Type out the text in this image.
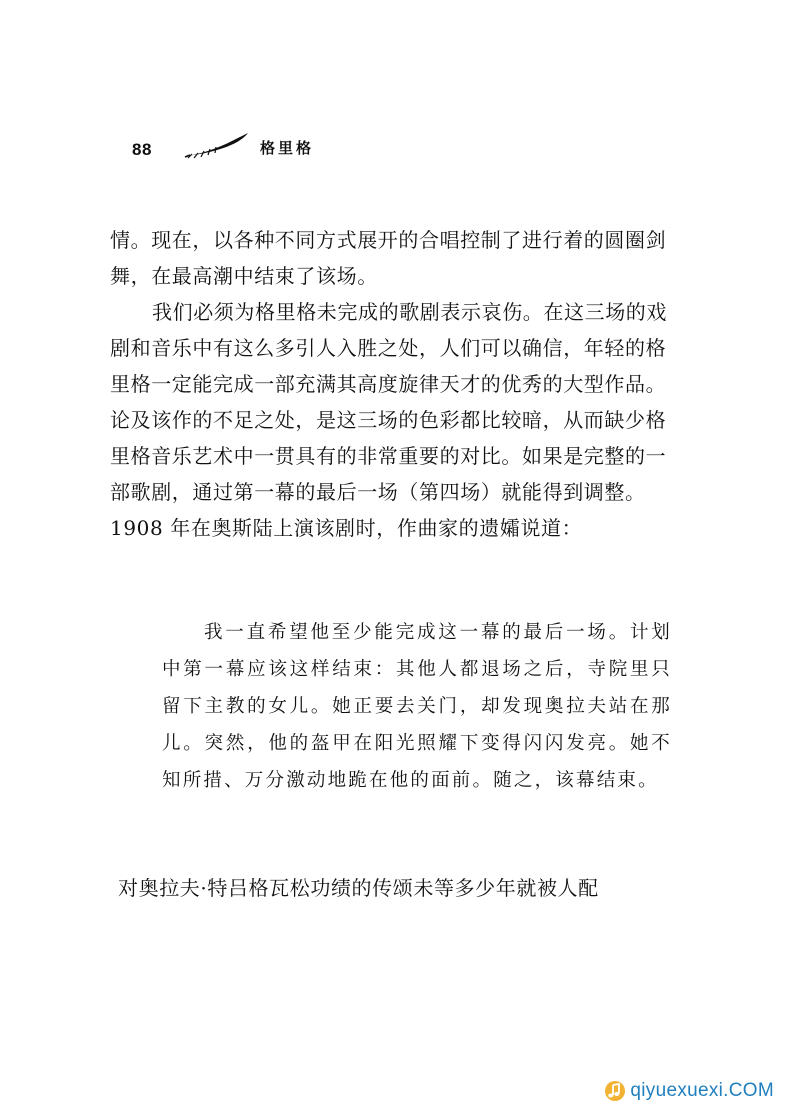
88	格里格

情。现在，以各种不同方式展开的合唱控制了进行着的圆圈剑舞，在最高潮中结束了该场。

我们必须为格里格未完成的歌剧表示哀伤。在这三场的戏剧和音乐中有这么多引人入胜之处，人们可以确信，年轻的格里格一定能完成一部充满其高度旋律天才的优秀的大型作品。论及该作的不足之处，是这三场的色彩都比较暗，从而缺少格里格音乐艺术中一贯具有的非常重要的对比。如果是完整的一部歌剧，通过第一幕的最后一场（第四场）就能得到调整。1908 年在奥斯陆上演该剧时，作曲家的遗孀说道：

我一直希望他至少能完成这一幕的最后一场。计划中第一幕应该这样结束：其他人都退场之后，寺院里只留下主教的女儿。她正要去关门，却发现奥拉夫站在那儿。突然，他的盔甲在阳光照耀下变得闪闪发亮。她不知所措、万分激动地跪在他的面前。随之，该幕结束。

对奥拉夫·特吕格瓦松功绩的传颂未等多少年就被人配

qiyuexuexi.COM
